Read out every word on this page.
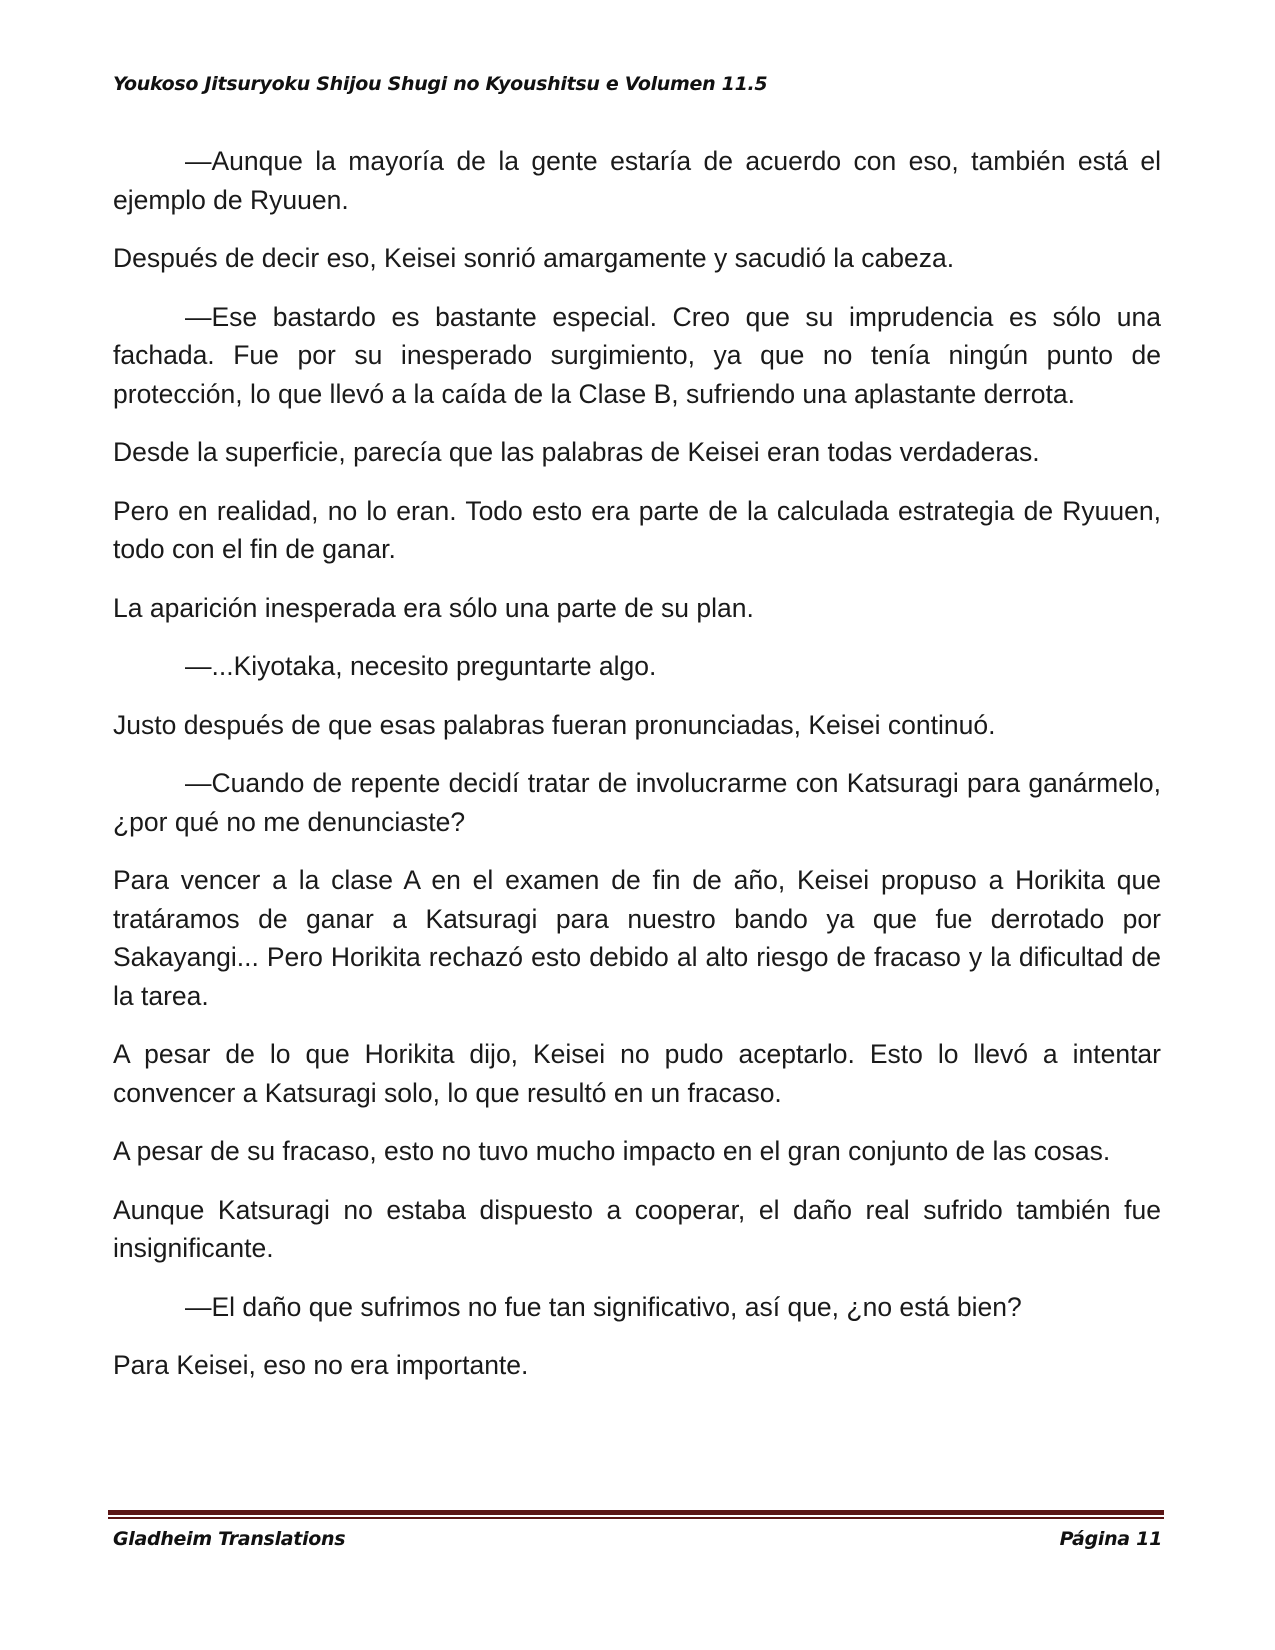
Youkoso Jitsuryoku Shijou Shugi no Kyoushitsu e Volumen 11.5

—Aunque la mayoría de la gente estaría de acuerdo con eso, también está el ejemplo de Ryuuen.

Después de decir eso, Keisei sonrió amargamente y sacudió la cabeza.

—Ese bastardo es bastante especial. Creo que su imprudencia es sólo una fachada. Fue por su inesperado surgimiento, ya que no tenía ningún punto de protección, lo que llevó a la caída de la Clase B, sufriendo una aplastante derrota.

Desde la superficie, parecía que las palabras de Keisei eran todas verdaderas.

Pero en realidad, no lo eran. Todo esto era parte de la calculada estrategia de Ryuuen, todo con el fin de ganar.

La aparición inesperada era sólo una parte de su plan.

—...Kiyotaka, necesito preguntarte algo.

Justo después de que esas palabras fueran pronunciadas, Keisei continuó.

—Cuando de repente decidí tratar de involucrarme con Katsuragi para ganármelo, ¿por qué no me denunciaste?

Para vencer a la clase A en el examen de fin de año, Keisei propuso a Horikita que tratáramos de ganar a Katsuragi para nuestro bando ya que fue derrotado por Sakayangi... Pero Horikita rechazó esto debido al alto riesgo de fracaso y la dificultad de la tarea.

A pesar de lo que Horikita dijo, Keisei no pudo aceptarlo. Esto lo llevó a intentar convencer a Katsuragi solo, lo que resultó en un fracaso.

A pesar de su fracaso, esto no tuvo mucho impacto en el gran conjunto de las cosas.

Aunque Katsuragi no estaba dispuesto a cooperar, el daño real sufrido también fue insignificante.

—El daño que sufrimos no fue tan significativo, así que, ¿no está bien?

Para Keisei, eso no era importante.

Gladheim Translations	Página 11
